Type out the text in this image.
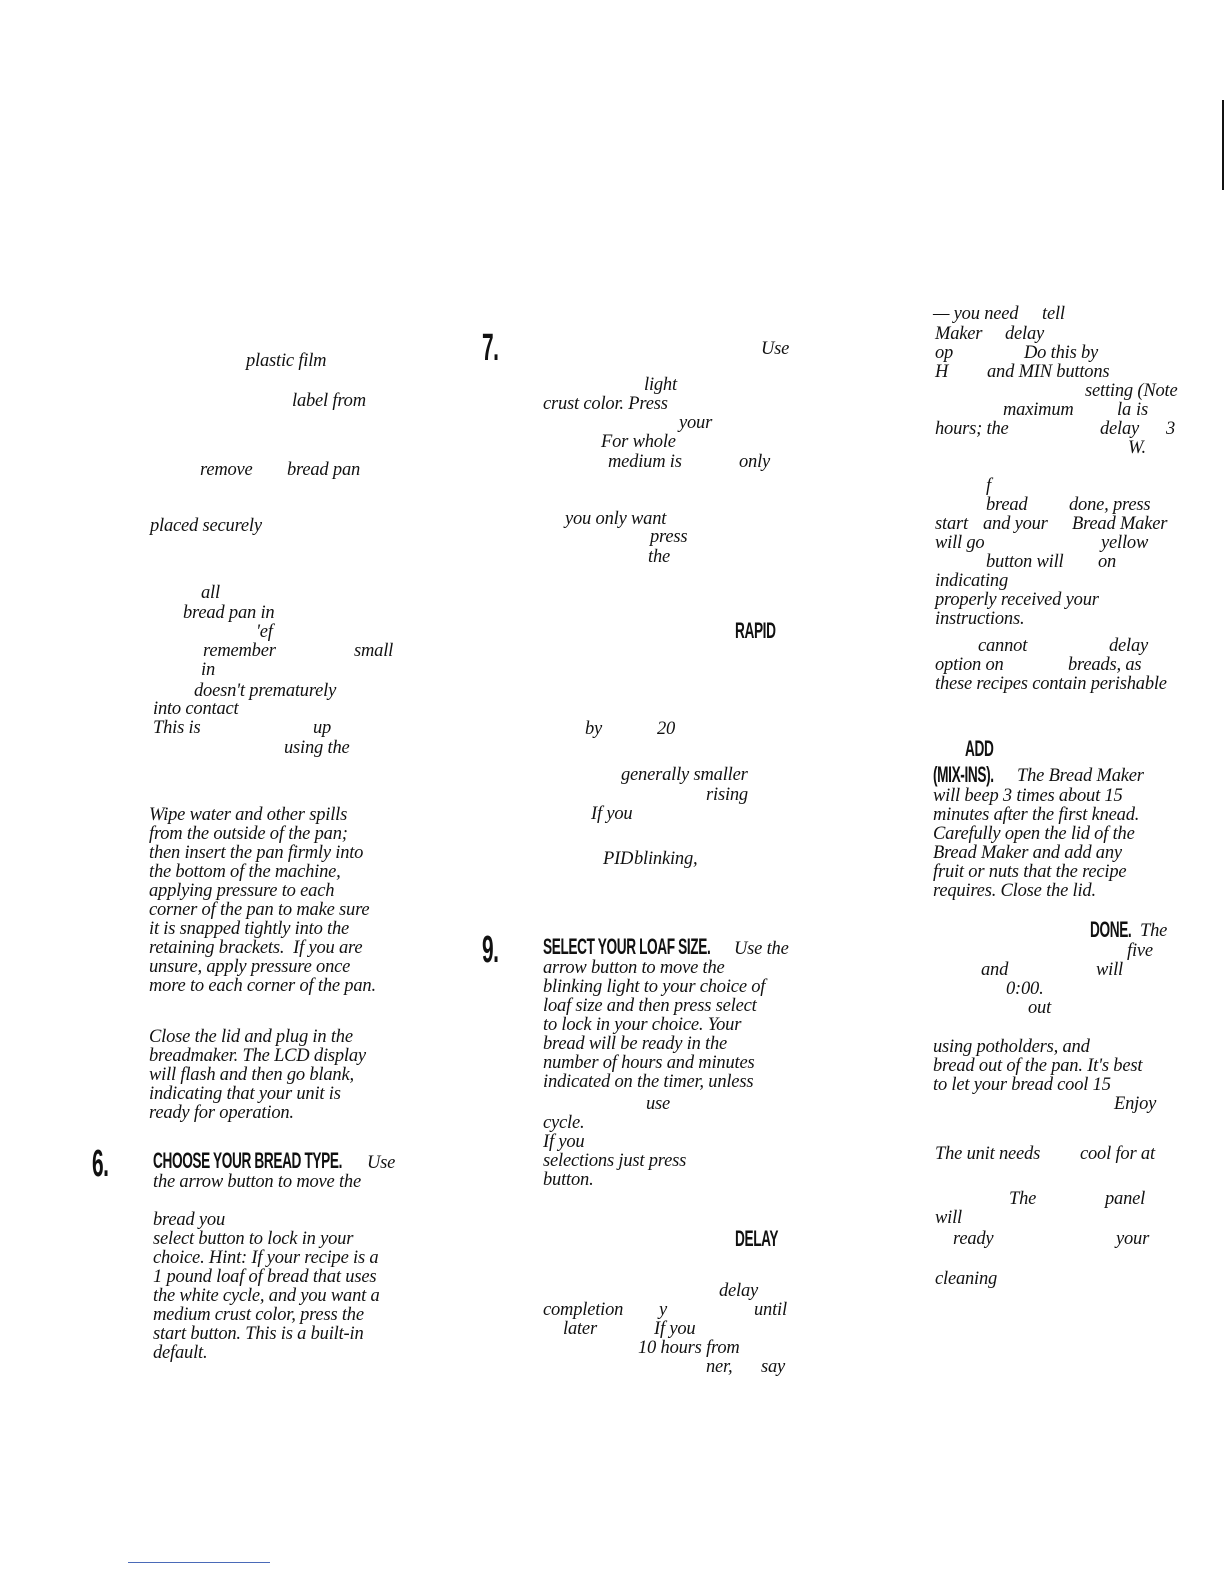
plastic film
label from
remove bread pan
placed securely
all
bread pan in
'ef
remember	small
in
doesn't prematurely
into contact
This is	up
using the
Wipe water and other spills
from the outside of the pan;
then insert the pan firmly into
the bottom of the machine,
applying pressure to each
corner of the pan to make sure
it is snapped tightly into the
retaining brackets.  If you are
unsure, apply pressure once
more to each corner of the pan.
Close the lid and plug in the
breadmaker. The LCD display
will flash and then go blank,
indicating that your unit is
ready for operation.
6. CHOOSE YOUR BREAD TYPE. Use
the arrow button to move the

bread you
select button to lock in your
choice. Hint: If your recipe is a
1 pound loaf of bread that uses
the white cycle, and you want a
medium crust color, press the
start button. This is a built-in
default.
7.	Use
light
crust color. Press
your
For whole
medium is	only
you only want
press
the
RAPID
by	20
generally smaller
rising
If you
PID blinking,
9. SELECT YOUR LOAF SIZE. Use the
arrow button to move the
blinking light to your choice of
loaf size and then press select
to lock in your choice. Your
bread will be ready in the
number of hours and minutes
indicated on the timer, unless
use
cycle.
If you
selections just press
button.
DELAY
delay
completion y	until
later	If you
10 hours from
ner, say
— you need tell
Maker delay
op	Do this by
H and MIN buttons
setting (Note
maximum la is
hours; the	delay 3
W.
f
bread done, press
start and your Bread Maker
will go	yellow
button will on
indicating
properly received your
instructions.
cannot	delay
option on	breads, as
these recipes contain perishable
ADD
(MIX-INS). The Bread Maker
will beep 3 times about 15
minutes after the first knead.
Carefully open the lid of the
Bread Maker and add any
fruit or nuts that the recipe
requires. Close the lid.
DONE. The
five
and	will
0:00.
out
using potholders, and
bread out of the pan. It's best
to let your bread cool 15
Enjoy
The unit needs cool for at
The	panel
will
ready	your
cleaning
